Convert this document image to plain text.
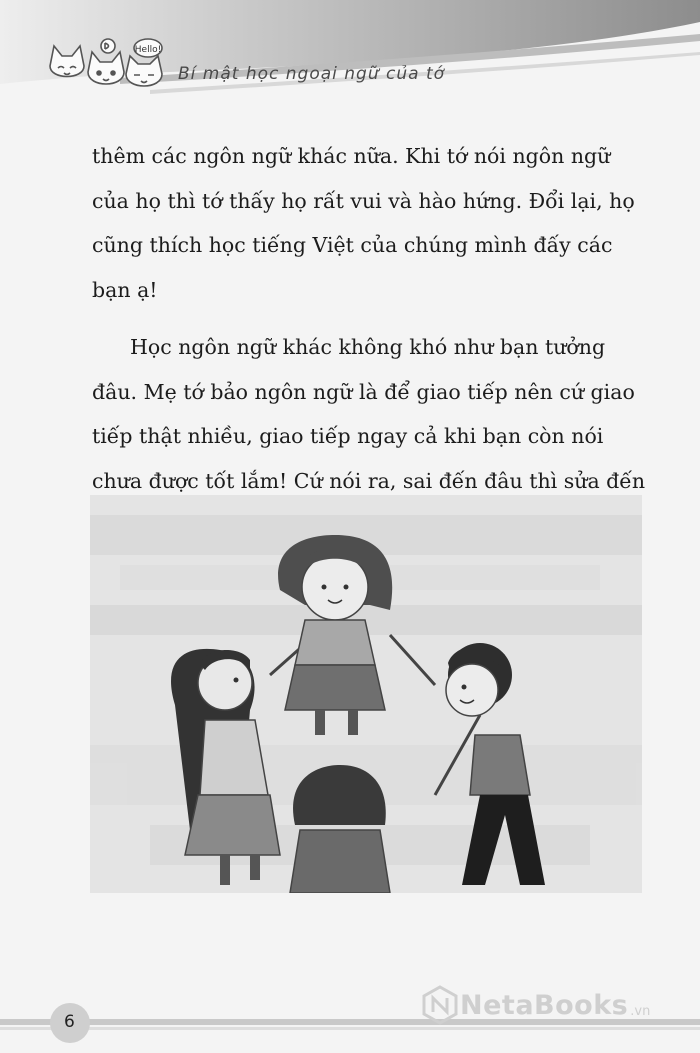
Hello!
Bí mật học ngoại ngữ của tớ

thêm các ngôn ngữ khác nữa. Khi tớ nói ngôn ngữ của họ thì tớ thấy họ rất vui và hào hứng. Đổi lại, họ cũng thích học tiếng Việt của chúng mình đấy các bạn ạ!

Học ngôn ngữ khác không khó như bạn tưởng đâu. Mẹ tớ bảo ngôn ngữ là để giao tiếp nên cứ giao tiếp thật nhiều, giao tiếp ngay cả khi bạn còn nói chưa được tốt lắm! Cứ nói ra, sai đến đâu thì sửa đến

6
NetaBooks .vn
